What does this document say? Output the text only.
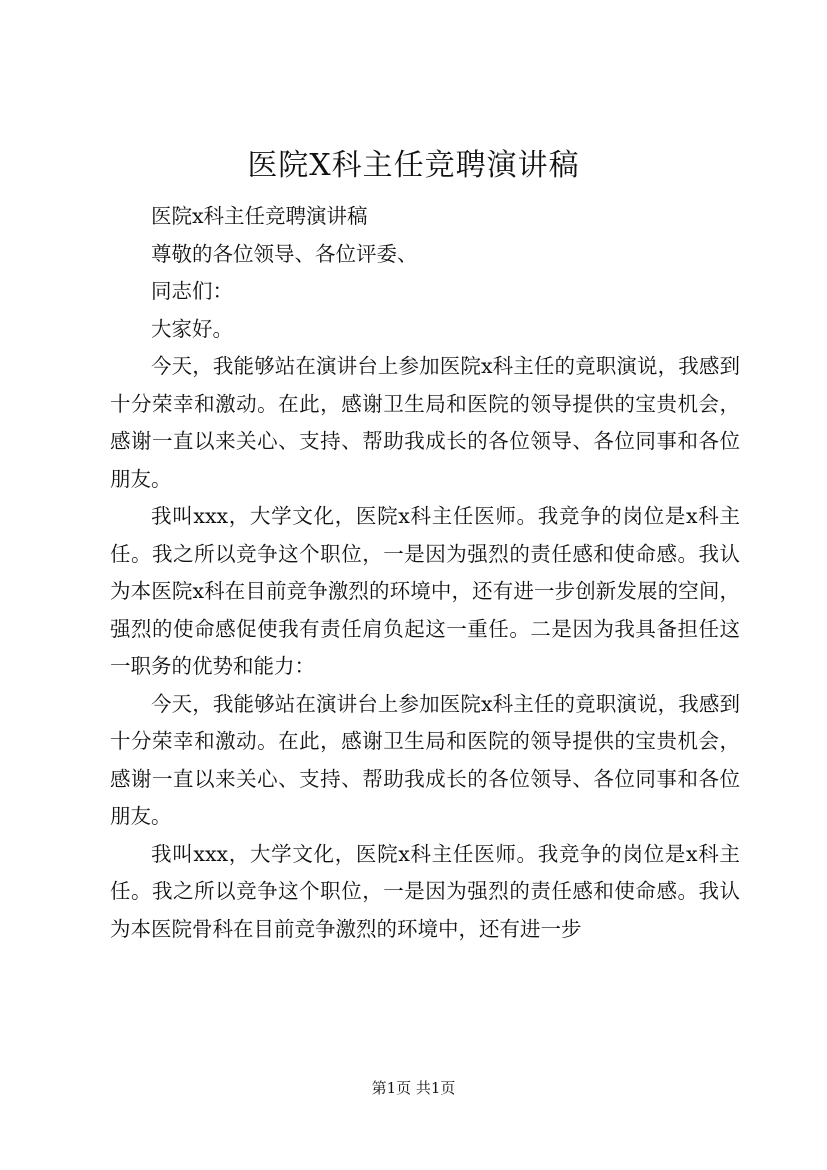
医院X科主任竞聘演讲稿

医院x科主任竞聘演讲稿

尊敬的各位领导、各位评委、

同志们：

大家好。

今天，我能够站在演讲台上参加医院x科主任的竟职演说，我感到十分荣幸和激动。在此，感谢卫生局和医院的领导提供的宝贵机会，感谢一直以来关心、支持、帮助我成长的各位领导、各位同事和各位朋友。

我叫xxx，大学文化，医院x科主任医师。我竞争的岗位是x科主任。我之所以竞争这个职位，一是因为强烈的责任感和使命感。我认为本医院x科在目前竞争激烈的环境中，还有进一步创新发展的空间，强烈的使命感促使我有责任肩负起这一重任。二是因为我具备担任这一职务的优势和能力：

今天，我能够站在演讲台上参加医院x科主任的竟职演说，我感到十分荣幸和激动。在此，感谢卫生局和医院的领导提供的宝贵机会，感谢一直以来关心、支持、帮助我成长的各位领导、各位同事和各位朋友。

我叫xxx，大学文化，医院x科主任医师。我竞争的岗位是x科主任。我之所以竞争这个职位，一是因为强烈的责任感和使命感。我认为本医院骨科在目前竞争激烈的环境中，还有进一步

第1页 共1页
